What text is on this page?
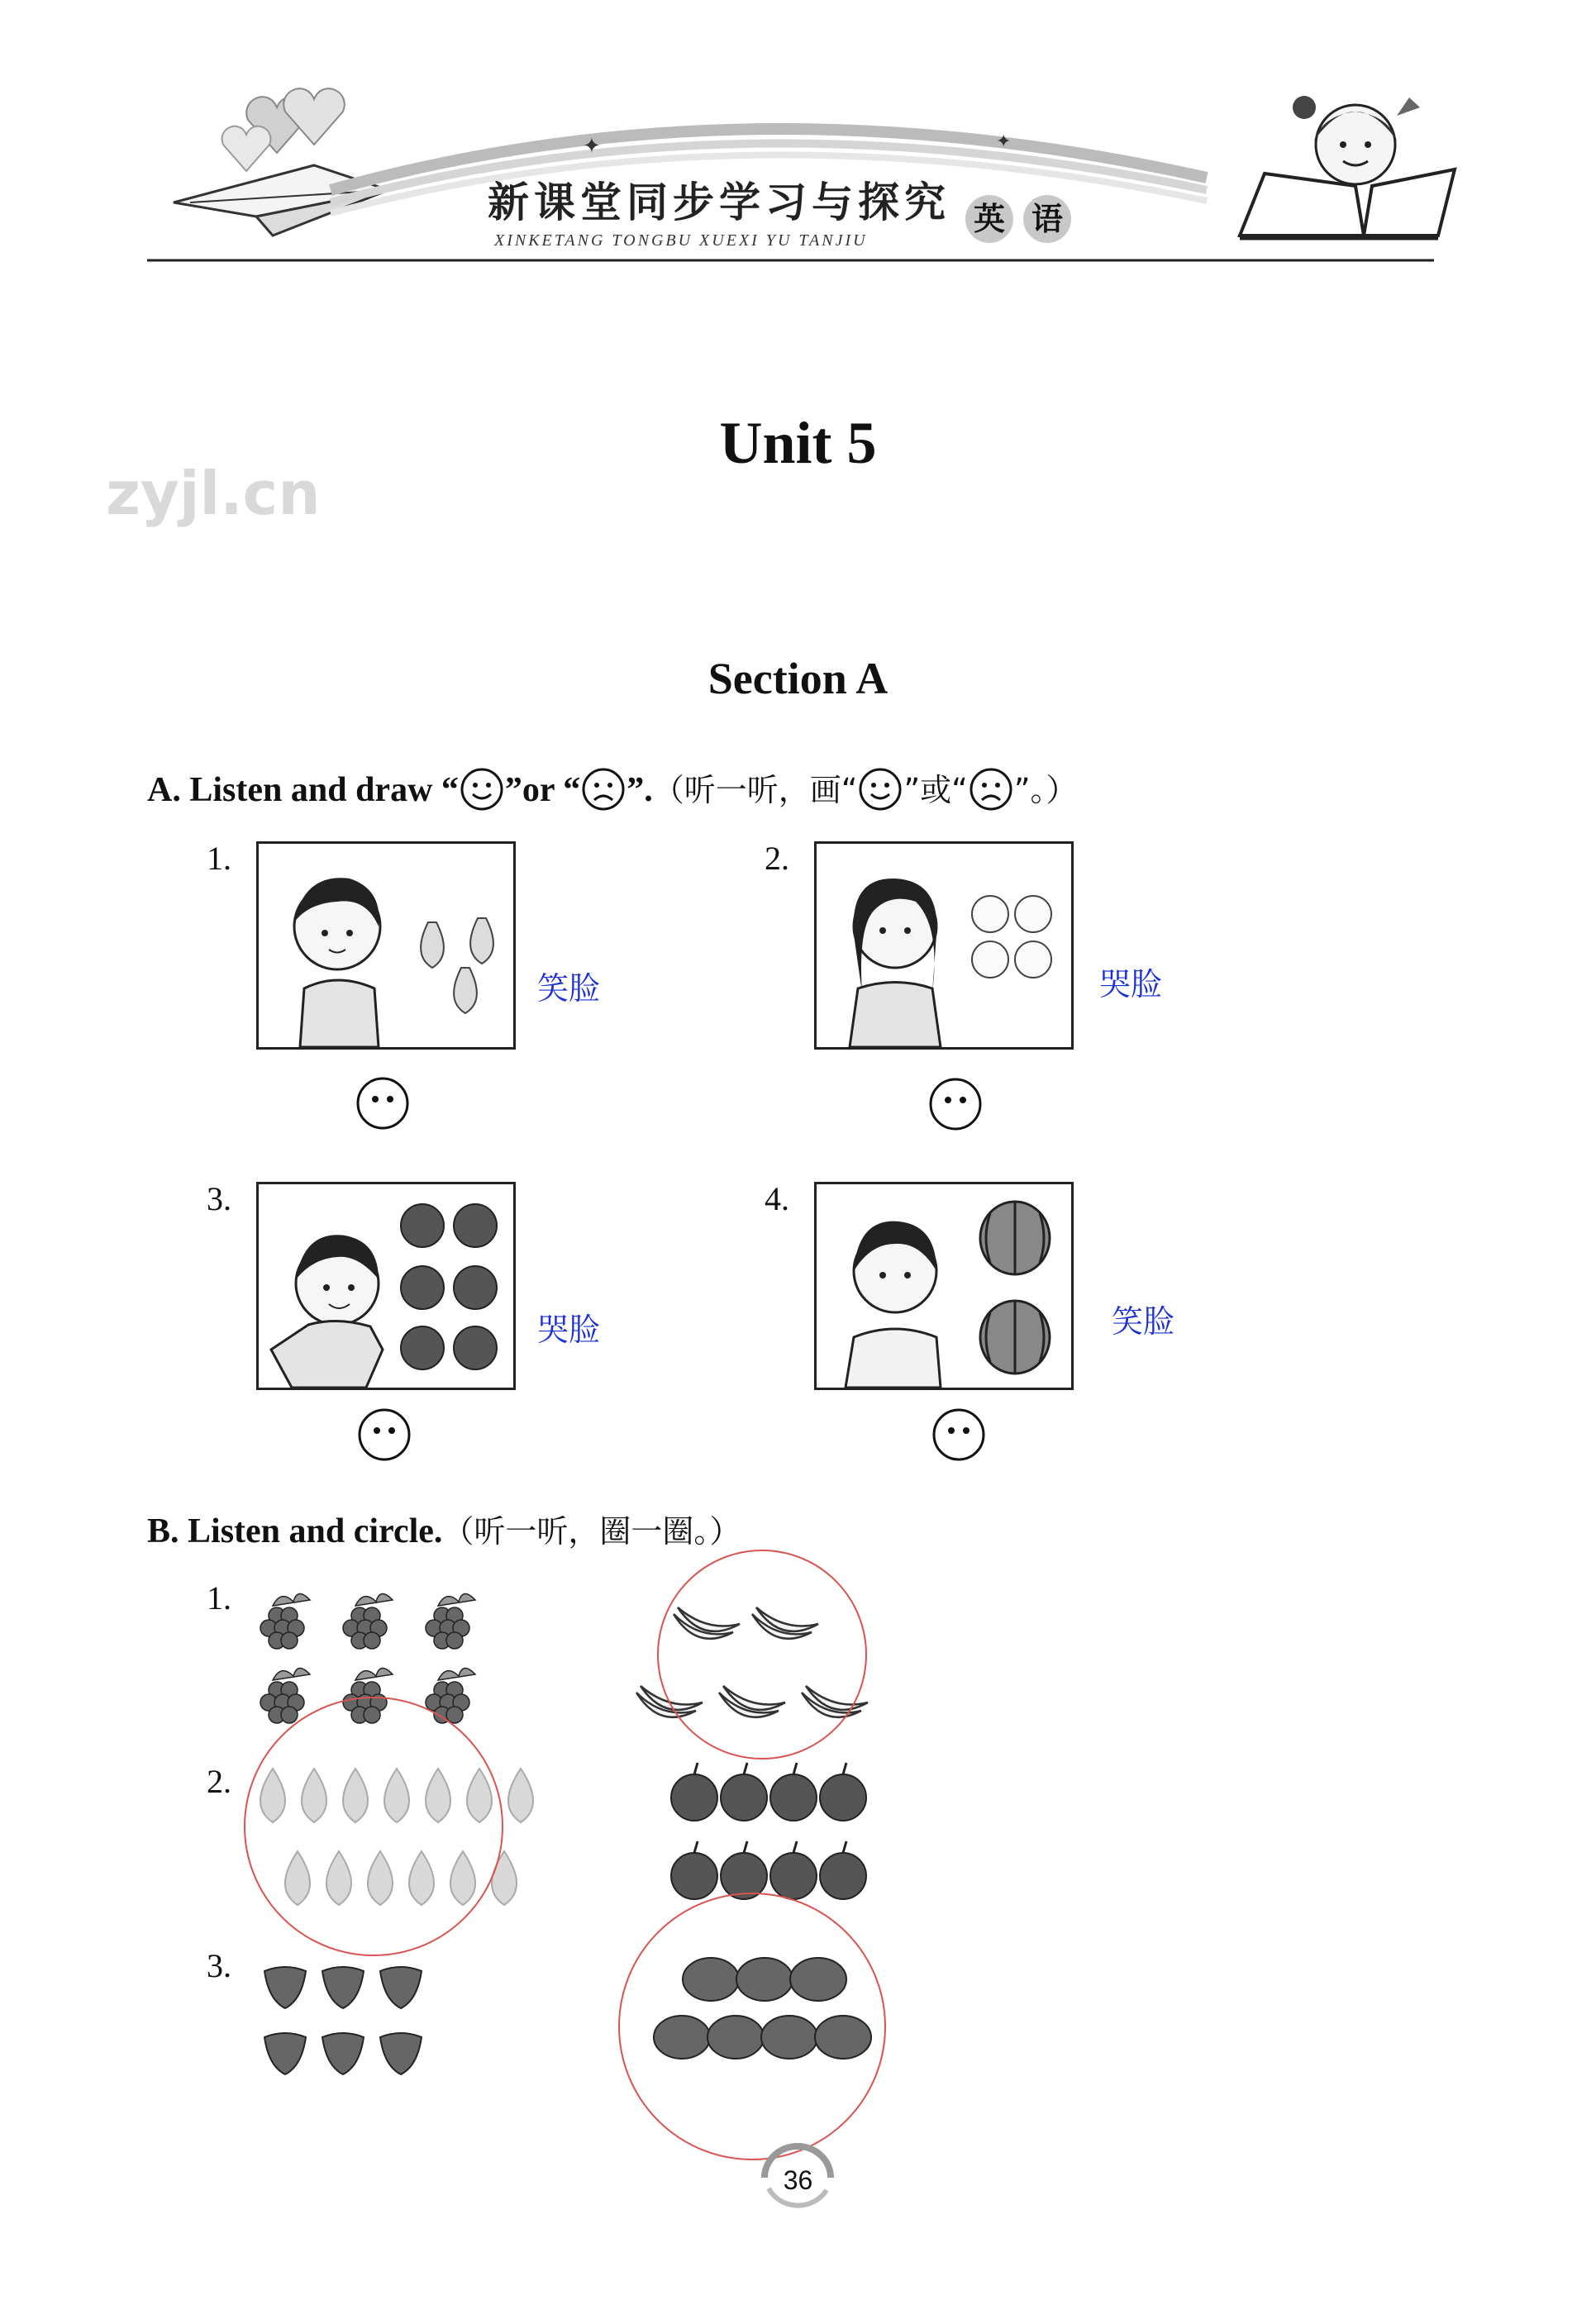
✦	✦
新课堂同步学习与探究
XINKETANG TONGBU XUEXI YU TANJIU
英 语
zyjl.cn
Unit 5
Section A
A. Listen and draw “ ”or “ ”.（听一听，画“ ”或“ ”。）
1.
笑脸
2.
哭脸
3.
哭脸
4.
笑脸
B. Listen and circle.（听一听，圈一圈。）
1.
2.
3.
36
